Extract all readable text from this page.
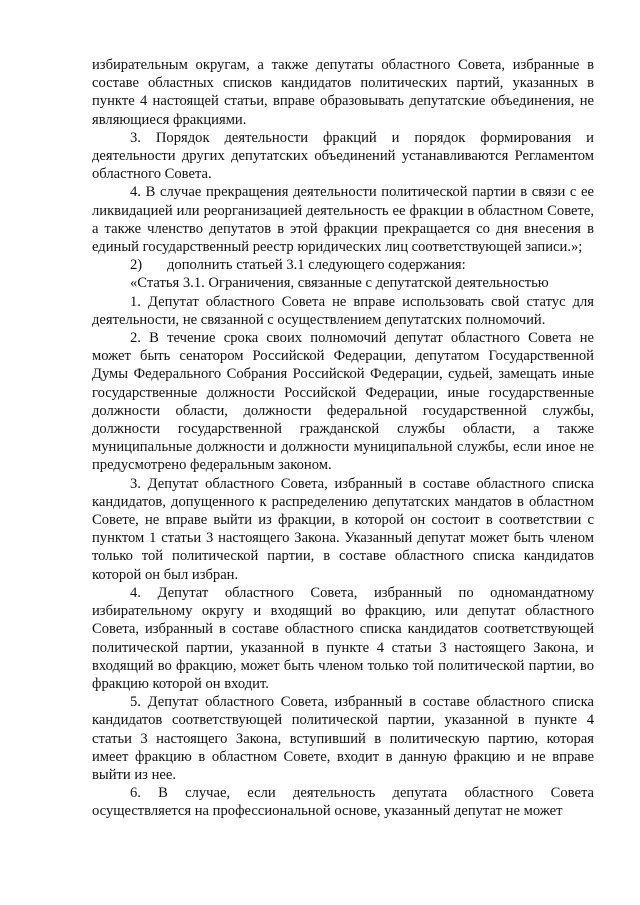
избирательным округам, а также депутаты областного Совета, избранные в составе областных списков кандидатов политических партий, указанных в пункте 4 настоящей статьи, вправе образовывать депутатские объединения, не являющиеся фракциями.

3. Порядок деятельности фракций и порядок формирования и деятельности других депутатских объединений устанавливаются Регламентом областного Совета.

4. В случае прекращения деятельности политической партии в связи с ее ликвидацией или реорганизацией деятельность ее фракции в областном Совете, а также членство депутатов в этой фракции прекращается со дня внесения в единый государственный реестр юридических лиц соответствующей записи.»;

2) дополнить статьей 3.1 следующего содержания:

«Статья 3.1. Ограничения, связанные с депутатской деятельностью

1. Депутат областного Совета не вправе использовать свой статус для деятельности, не связанной с осуществлением депутатских полномочий.

2. В течение срока своих полномочий депутат областного Совета не может быть сенатором Российской Федерации, депутатом Государственной Думы Федерального Собрания Российской Федерации, судьей, замещать иные государственные должности Российской Федерации, иные государственные должности области, должности федеральной государственной службы, должности государственной гражданской службы области, а также муниципальные должности и должности муниципальной службы, если иное не предусмотрено федеральным законом.

3. Депутат областного Совета, избранный в составе областного списка кандидатов, допущенного к распределению депутатских мандатов в областном Совете, не вправе выйти из фракции, в которой он состоит в соответствии с пунктом 1 статьи 3 настоящего Закона. Указанный депутат может быть членом только той политической партии, в составе областного списка кандидатов которой он был избран.

4. Депутат областного Совета, избранный по одномандатному избирательному округу и входящий во фракцию, или депутат областного Совета, избранный в составе областного списка кандидатов соответствующей политической партии, указанной в пункте 4 статьи 3 настоящего Закона, и входящий во фракцию, может быть членом только той политической партии, во фракцию которой он входит.

5. Депутат областного Совета, избранный в составе областного списка кандидатов соответствующей политической партии, указанной в пункте 4 статьи 3 настоящего Закона, вступивший в политическую партию, которая имеет фракцию в областном Совете, входит в данную фракцию и не вправе выйти из нее.

6. В случае, если деятельность депутата областного Совета осуществляется на профессиональной основе, указанный депутат не может
